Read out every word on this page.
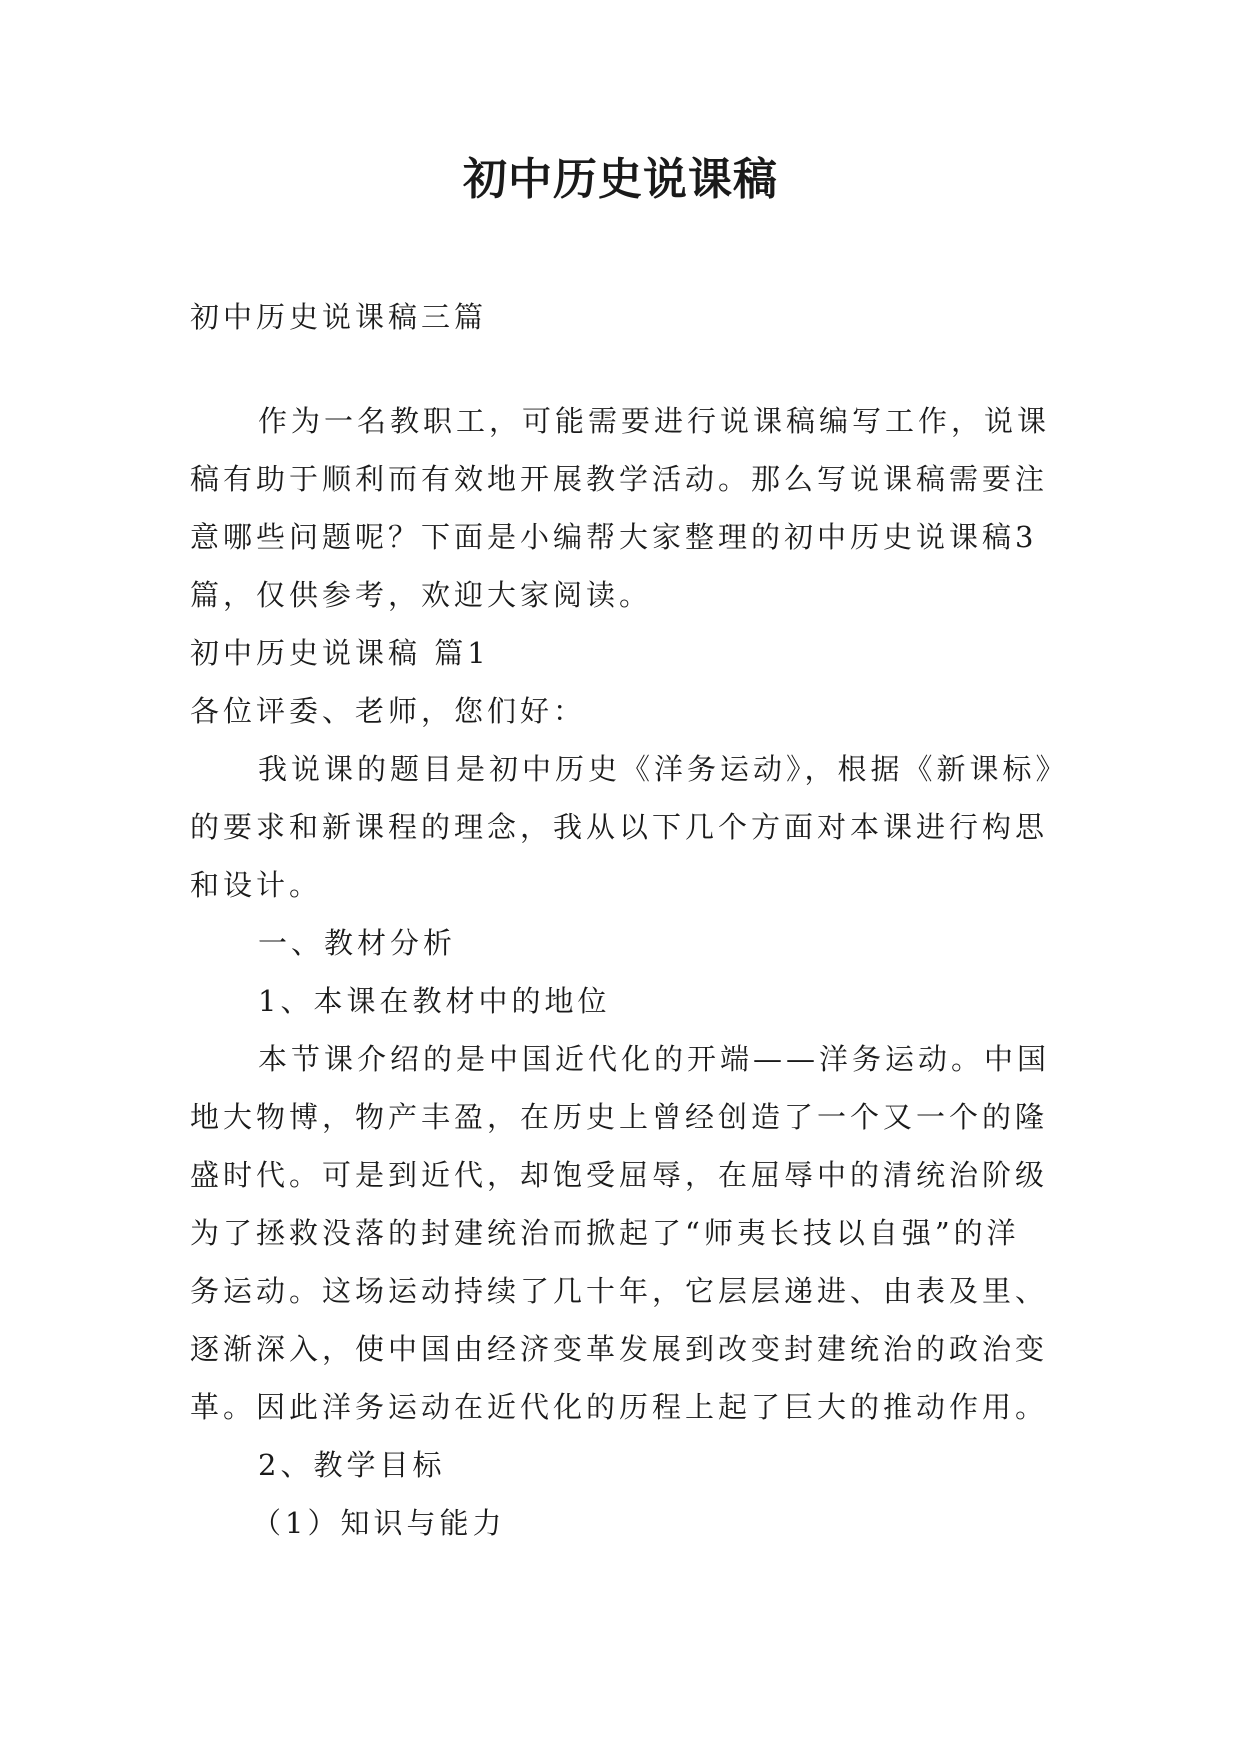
初中历史说课稿

初中历史说课稿三篇

作为一名教职工，可能需要进行说课稿编写工作，说课

稿有助于顺利而有效地开展教学活动。那么写说课稿需要注

意哪些问题呢？下面是小编帮大家整理的初中历史说课稿3

篇，仅供参考，欢迎大家阅读。

初中历史说课稿 篇1

各位评委、老师，您们好：

我说课的题目是初中历史《洋务运动》，根据《新课标》

的要求和新课程的理念，我从以下几个方面对本课进行构思

和设计。

一、教材分析

1、本课在教材中的地位

本节课介绍的是中国近代化的开端——洋务运动。中国

地大物博，物产丰盈，在历史上曾经创造了一个又一个的隆

盛时代。可是到近代，却饱受屈辱，在屈辱中的清统治阶级

为了拯救没落的封建统治而掀起了“师夷长技以自强”的洋

务运动。这场运动持续了几十年，它层层递进、由表及里、

逐渐深入，使中国由经济变革发展到改变封建统治的政治变

革。因此洋务运动在近代化的历程上起了巨大的推动作用。

2、教学目标

（1）知识与能力
